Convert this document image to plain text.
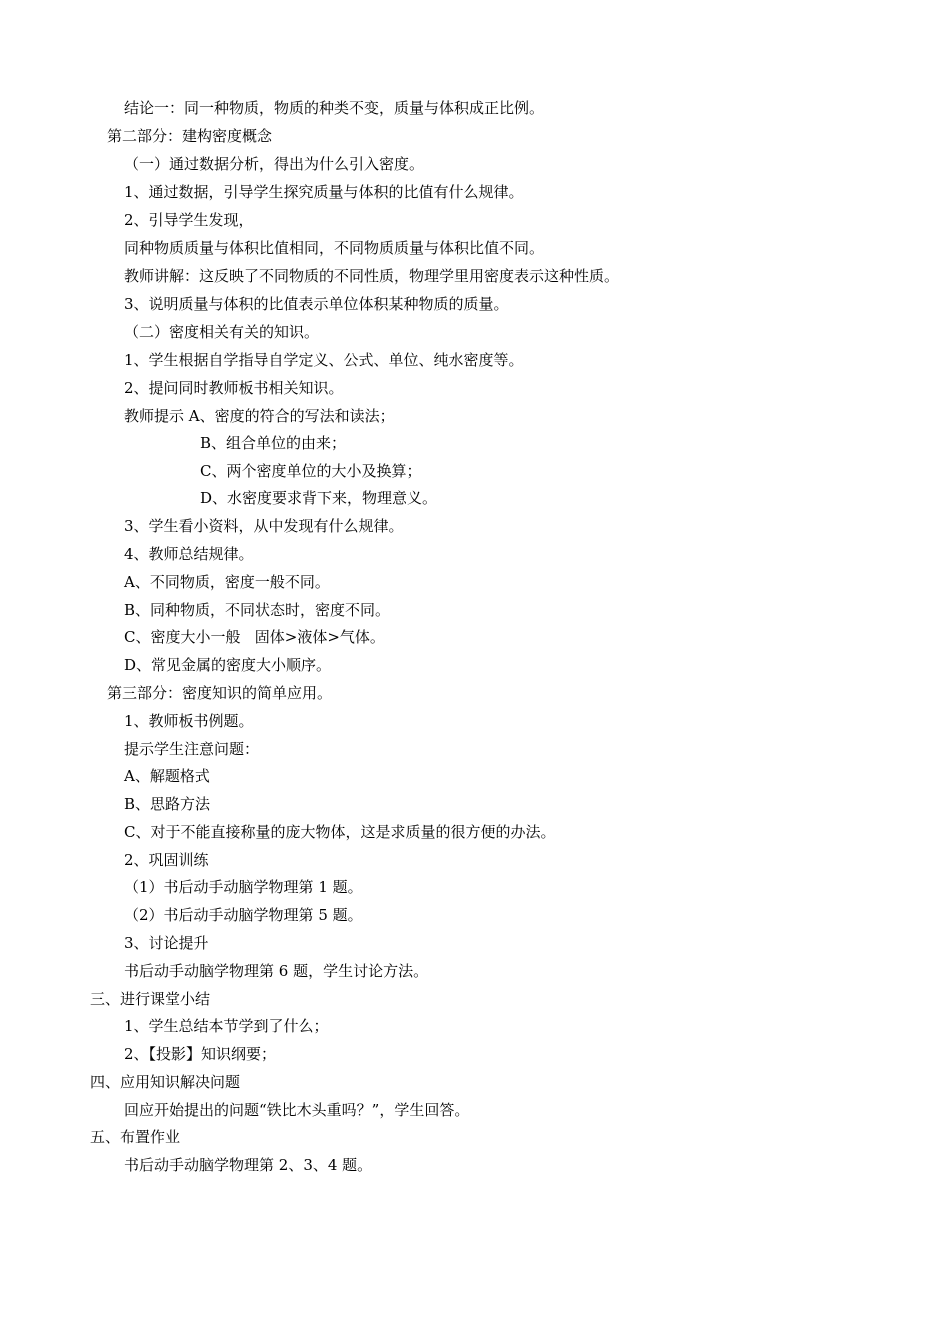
结论一：同一种物质，物质的种类不变，质量与体积成正比例。
第二部分：建构密度概念
（一）通过数据分析，得出为什么引入密度。
1、通过数据，引导学生探究质量与体积的比值有什么规律。
2、引导学生发现，
同种物质质量与体积比值相同，不同物质质量与体积比值不同。
教师讲解：这反映了不同物质的不同性质，物理学里用密度表示这种性质。
3、说明质量与体积的比值表示单位体积某种物质的质量。
（二）密度相关有关的知识。
1、学生根据自学指导自学定义、公式、单位、纯水密度等。
2、提问同时教师板书相关知识。
教师提示 A、密度的符合的写法和读法；
B、组合单位的由来；
C、两个密度单位的大小及换算；
D、水密度要求背下来，物理意义。
3、学生看小资料，从中发现有什么规律。
4、教师总结规律。
A、不同物质，密度一般不同。
B、同种物质，不同状态时，密度不同。
C、密度大小一般   固体>液体>气体。
D、常见金属的密度大小顺序。
第三部分：密度知识的简单应用。
1、教师板书例题。
提示学生注意问题：
A、解题格式
B、思路方法
C、对于不能直接称量的庞大物体，这是求质量的很方便的办法。
2、巩固训练
（1）书后动手动脑学物理第 1 题。
（2）书后动手动脑学物理第 5 题。
3、讨论提升
书后动手动脑学物理第 6 题，学生讨论方法。
三、进行课堂小结
1、学生总结本节学到了什么；
2、【投影】知识纲要；
四、应用知识解决问题
回应开始提出的问题“铁比木头重吗？”，学生回答。
五、布置作业
书后动手动脑学物理第 2、3、4 题。
